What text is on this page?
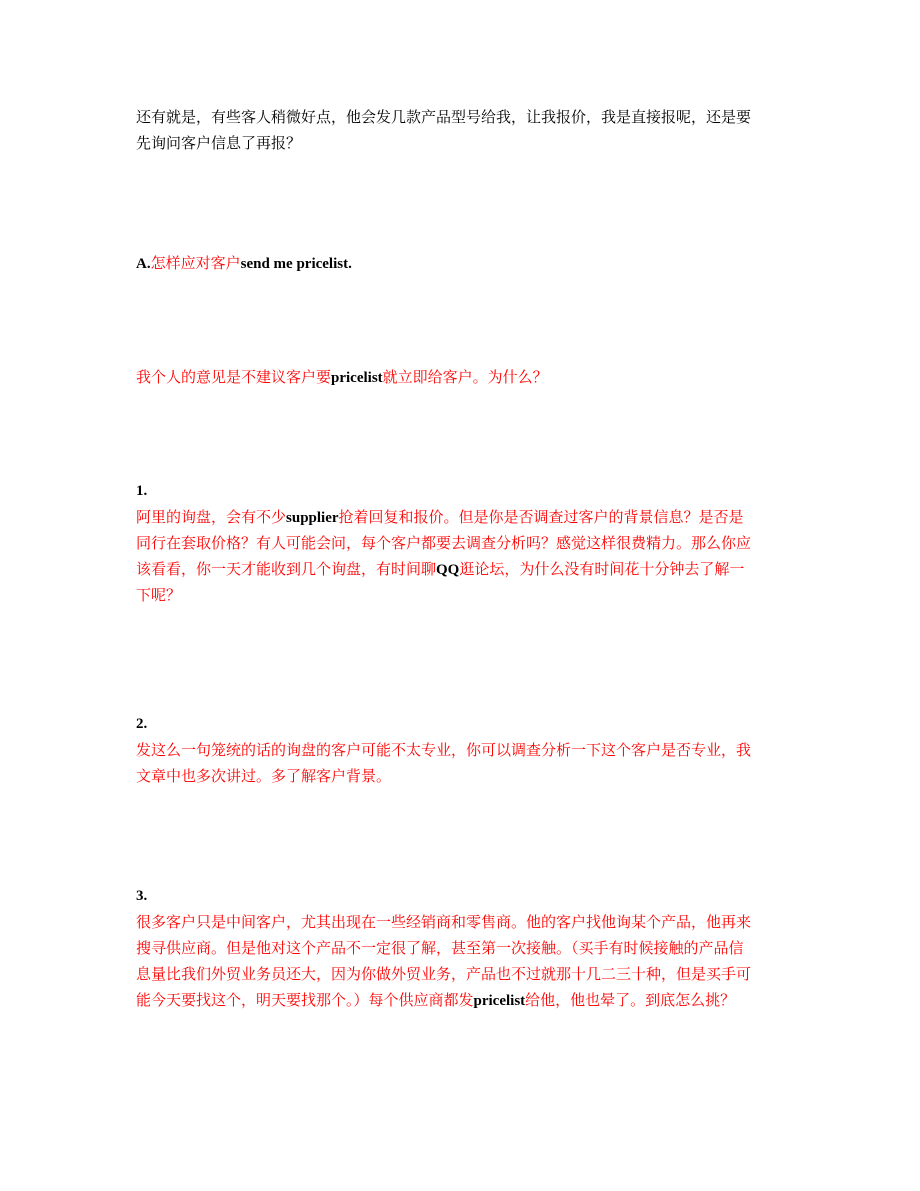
还有就是，有些客人稍微好点，他会发几款产品型号给我，让我报价，我是直接报呢，还是要
先询问客户信息了再报？
A.怎样应对客户send me pricelist.
我个人的意见是不建议客户要pricelist就立即给客户。为什么？
1.
阿里的询盘，会有不少supplier抢着回复和报价。但是你是否调查过客户的背景信息？是否是
同行在套取价格？有人可能会问，每个客户都要去调查分析吗？感觉这样很费精力。那么你应
该看看，你一天才能收到几个询盘，有时间聊QQ逛论坛，为什么没有时间花十分钟去了解一
下呢？
2.
发这么一句笼统的话的询盘的客户可能不太专业，你可以调查分析一下这个客户是否专业，我
文章中也多次讲过。多了解客户背景。
3.
很多客户只是中间客户，尤其出现在一些经销商和零售商。他的客户找他询某个产品，他再来
搜寻供应商。但是他对这个产品不一定很了解，甚至第一次接触。（买手有时候接触的产品信
息量比我们外贸业务员还大，因为你做外贸业务，产品也不过就那十几二三十种，但是买手可
能今天要找这个，明天要找那个。）每个供应商都发pricelist给他，他也晕了。到底怎么挑？
